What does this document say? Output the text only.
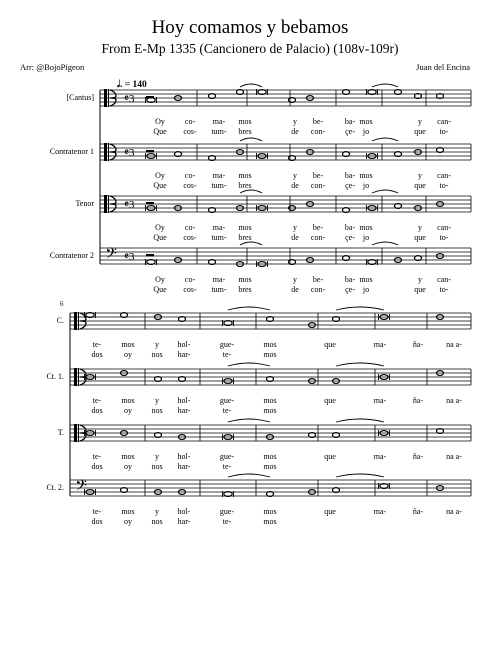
Hoy comamos y bebamos
From E-Mp 1335 (Cancionero de Palacio) (108v-109r)
Arr: @BojoPigeon	Juan del Encina
𝅗𝅥. = 140
[Cantus]	𝄵3
Oy	co- ma- mos	y be-	ba- mos	y can-
Que cos- tum- bres	de con-	çe- jo	que to-
Contratenor 1	𝄵3
Oy	co- ma- mos	y be-	ba- mos	y can-
Que cos- tum- bres	de con-	çe- jo	que to-
Tenor	𝄵3
Oy	co- ma- mos	y be-	ba- mos	y can-
Que cos- tum- bres	de con-	çe- jo	que to-
Contratenor 2 𝄢 𝄵3
Oy	co- ma- mos	y be-	ba- mos	y can-
Que cos- tum- bres	de con-	çe- jo	que to-
C.
te-	mos	y hol-	gue-	mos	que	ma-	ña-	na a-
dos	oy nos har-	te-	mos
Ct. 1.
te-	mos	y hol-	gue-	mos	que	ma-	ña-	na a-
dos	oy nos har-	te-	mos
T.
te-	mos	y hol-	gue-	mos	que	ma-	ña-	na a-
dos	oy nos har-	te-	mos
Ct. 2. 𝄢
te-	mos	y hol-	gue-	mos	que	ma-	ña-	na a-
dos	oy nos har-	te-	mos
6
